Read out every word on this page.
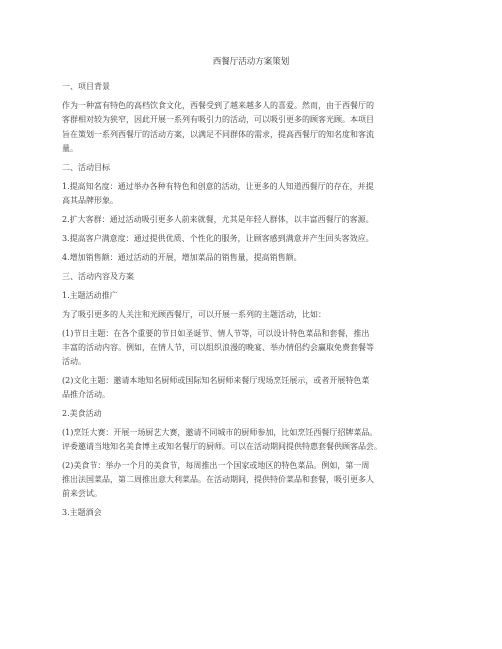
西餐厅活动方案策划
一、项目背景
作为一种富有特色的高档饮食文化，西餐受到了越来越多人的喜爱。然而，由于西餐厅的
客群相对较为狭窄，因此开展一系列有吸引力的活动，可以吸引更多的顾客光顾。本项目
旨在策划一系列西餐厅的活动方案，以满足不同群体的需求，提高西餐厅的知名度和客流
量。
二、活动目标
1.提高知名度：通过举办各种有特色和创意的活动，让更多的人知道西餐厅的存在，并提
高其品牌形象。
2.扩大客群：通过活动吸引更多人前来就餐，尤其是年轻人群体，以丰富西餐厅的客源。
3.提高客户满意度：通过提供优质、个性化的服务，让顾客感到满意并产生回头客效应。
4.增加销售额：通过活动的开展，增加菜品的销售量，提高销售额。
三、活动内容及方案
1.主题活动推广
为了吸引更多的人关注和光顾西餐厅，可以开展一系列的主题活动，比如：
(1)节日主题：在各个重要的节日如圣诞节、情人节等，可以设计特色菜品和套餐，推出
丰富的活动内容。例如，在情人节，可以组织浪漫的晚宴、举办情侣约会赢取免费套餐等
活动。
(2)文化主题：邀请本地知名厨师或国际知名厨师来餐厅现场烹饪展示，或者开展特色菜
品推介活动。
2.美食活动
(1)烹饪大赛：开展一场厨艺大赛，邀请不同城市的厨师参加，比如烹饪西餐厅招牌菜品。
评委邀请当地知名美食博主或知名餐厅的厨师。可以在活动期间提供特惠套餐供顾客品尝。
(2)美食节：举办一个月的美食节，每周推出一个国家或地区的特色菜品。例如，第一周
推出法国菜品，第二周推出意大利菜品。在活动期间，提供特价菜品和套餐，吸引更多人
前来尝试。
3.主题酒会
